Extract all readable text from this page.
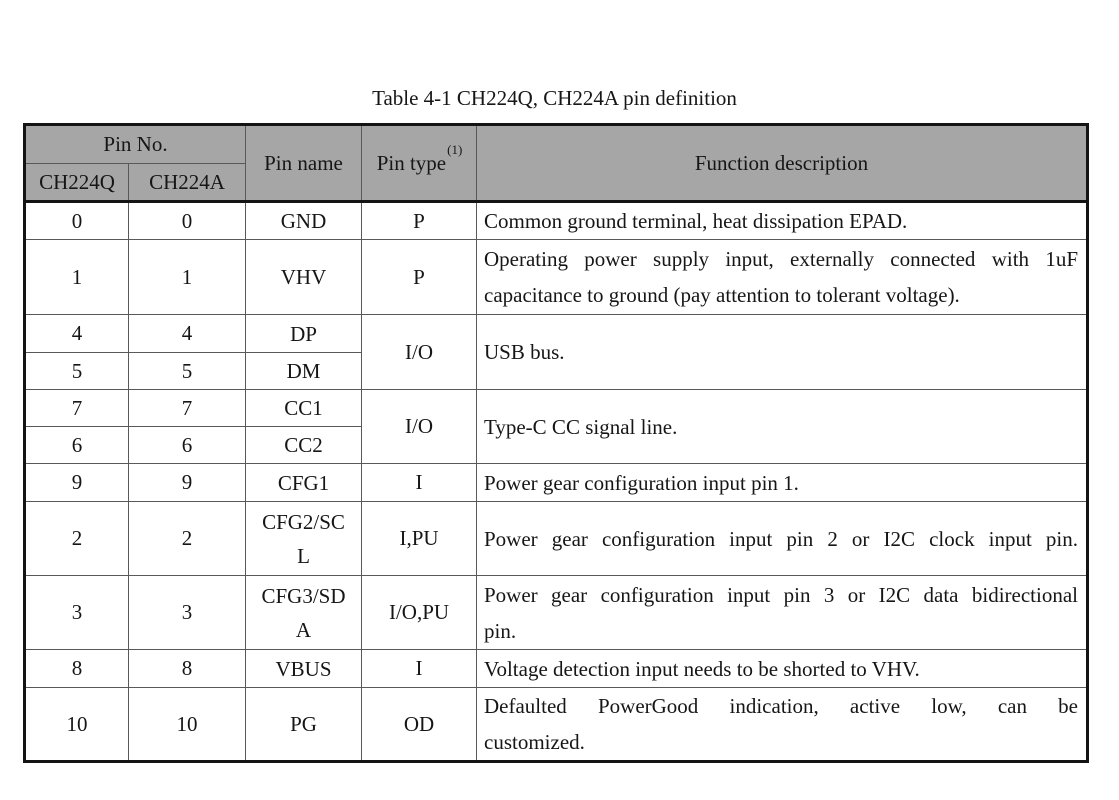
Table 4-1 CH224Q, CH224A pin definition
Pin No.		Pin name	Pin type$^{(1)}$	Function description
CH224Q	CH224A			
0	0	GND	P	Common ground terminal, heat dissipation EPAD.

1	1	VHV	P	Operating power supply input, externally connected with 1uF
capacitance to ground (pay attention to tolerant voltage).

4	4	DP	I/O	USB bus.

5	5	DM		
7	7	CC1	I/O	Type-C CC signal line.

6	6	CC2		
9	9	CFG1	I	Power gear configuration input pin 1.

2	2	CFG2/SCL	I,PU	Power gear configuration input pin 2 or I2C clock input pin.

3	3	CFG3/SDA	I/O,PU	Power gear configuration input pin 3 or I2C data bidirectional
pin.

8	8	VBUS	I	Voltage detection input needs to be shorted to VHV.

10	10	PG	OD	Defaulted PowerGood indication, active low, can be
customized.
